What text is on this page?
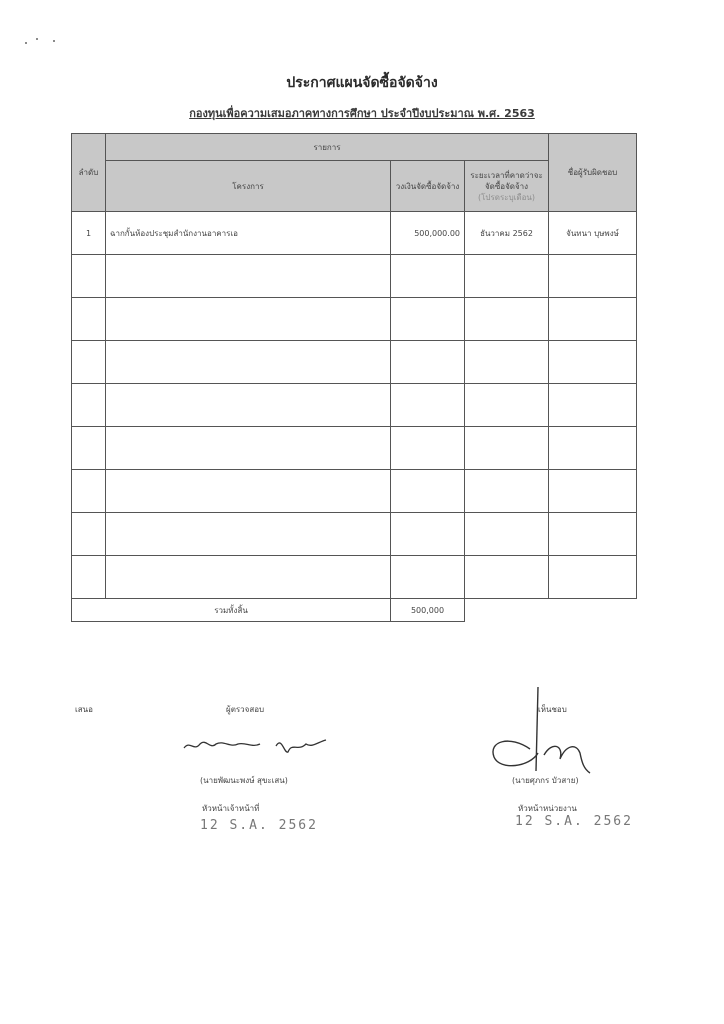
ประกาศแผนจัดซื้อจัดจ้าง
กองทุนเพื่อความเสมอภาคทางการศึกษา ประจำปีงบประมาณ พ.ศ. 2563
ลำดับ	รายการ			ชื่อผู้รับผิดชอบ
	โครงการ	วงเงินจัดซื้อจัดจ้าง	ระยะเวลาที่คาดว่าจะจัดซื้อจัดจ้าง
(โปรดระบุเดือน)	

1	ฉากกั้นห้องประชุมสำนักงานอาคารเอ	500,000.00	ธันวาคม 2562	จันทนา บุษพงษ์

รวมทั้งสิ้น		500,000		
เสนอ	ผู้ตรวจสอบ
(นายพัฒนะพงษ์ สุขะเสน)
หัวหน้าเจ้าหน้าที่
12 S.A. 2562
เห็นชอบ
(นายศุภกร บัวสาย)
หัวหน้าหน่วยงาน
12 S.A. 2562
